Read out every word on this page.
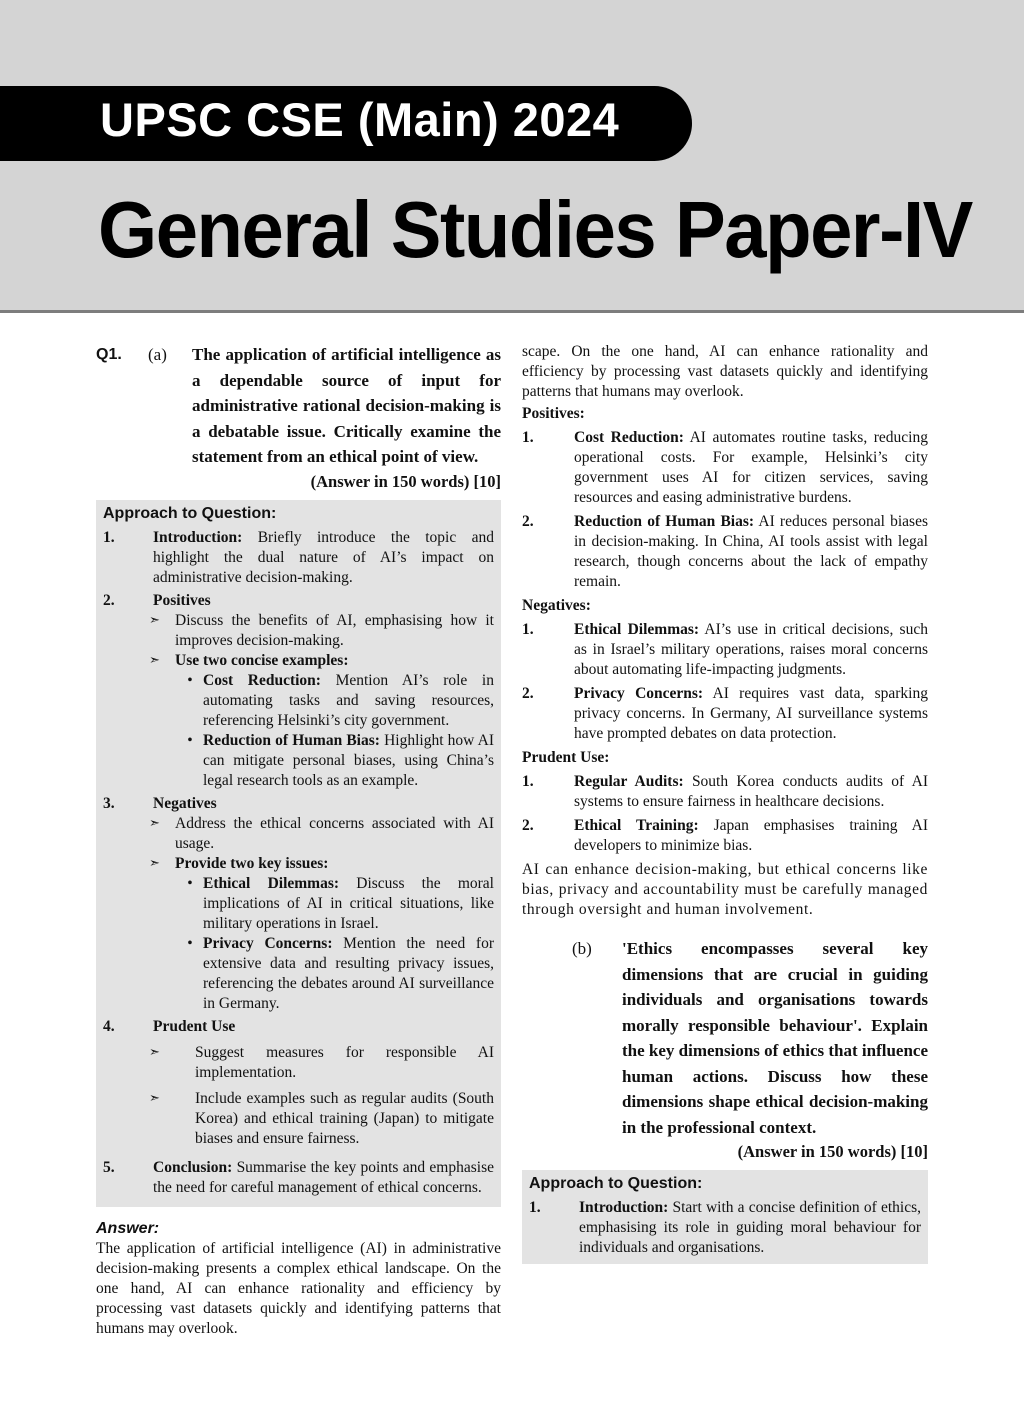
UPSC CSE (Main) 2024
General Studies Paper-IV
Q1.	(a)	The application of artificial intelligence as a dependable source of input for administrative rational decision-making is a debatable issue. Critically examine the statement from an ethical point of view.
(Answer in 150 words) [10]
Approach to Question:
1.	Introduction: Briefly introduce the topic and highlight the dual nature of AI’s impact on administrative decision-making.
2.	Positives
➣ Discuss the benefits of AI, emphasising how it improves decision-making.
➣ Use two concise examples:
• Cost Reduction: Mention AI’s role in automating tasks and saving resources, referencing Helsinki’s city government.
• Reduction of Human Bias: Highlight how AI can mitigate personal biases, using China’s legal research tools as an example.
3.	Negatives
➣ Address the ethical concerns associated with AI usage.
➣ Provide two key issues:
• Ethical Dilemmas: Discuss the moral implications of AI in critical situations, like military operations in Israel.
• Privacy Concerns: Mention the need for extensive data and resulting privacy issues, referencing the debates around AI surveillance in Germany.
4.	Prudent Use
➣	Suggest measures for responsible AI implementation.
➣	Include examples such as regular audits (South Korea) and ethical training (Japan) to mitigate biases and ensure fairness.
5.	Conclusion: Summarise the key points and emphasise the need for careful management of ethical concerns.
Answer:
The application of artificial intelligence (AI) in administrative decision-making presents a complex ethical landscape. On the one hand, AI can enhance rationality and efficiency by processing vast datasets quickly and identifying patterns that humans may overlook.
scape. On the one hand, AI can enhance rationality and efficiency by processing vast datasets quickly and identifying patterns that humans may overlook.
Positives:
1.	Cost Reduction: AI automates routine tasks, reducing operational costs. For example, Helsinki’s city government uses AI for citizen services, saving resources and easing administrative burdens.
2.	Reduction of Human Bias: AI reduces personal biases in decision-making. In China, AI tools assist with legal research, though concerns about the lack of empathy remain.
Negatives:
1.	Ethical Dilemmas: AI’s use in critical decisions, such as in Israel’s military operations, raises moral concerns about automating life-impacting judgments.
2.	Privacy Concerns: AI requires vast data, sparking privacy concerns. In Germany, AI surveillance systems have prompted debates on data protection.
Prudent Use:
1.	Regular Audits: South Korea conducts audits of AI systems to ensure fairness in healthcare decisions.
2.	Ethical Training: Japan emphasises training AI developers to minimize bias.
AI can enhance decision-making, but ethical concerns like bias, privacy and accountability must be carefully managed through oversight and human involvement.
(b)	'Ethics encompasses several key dimensions that are crucial in guiding individuals and organisations towards morally responsible behaviour'. Explain the key dimensions of ethics that influence human actions. Discuss how these dimensions shape ethical decision-making in the professional context.
(Answer in 150 words) [10]
Approach to Question:
1.	Introduction: Start with a concise definition of ethics, emphasising its role in guiding moral behaviour for individuals and organisations.
